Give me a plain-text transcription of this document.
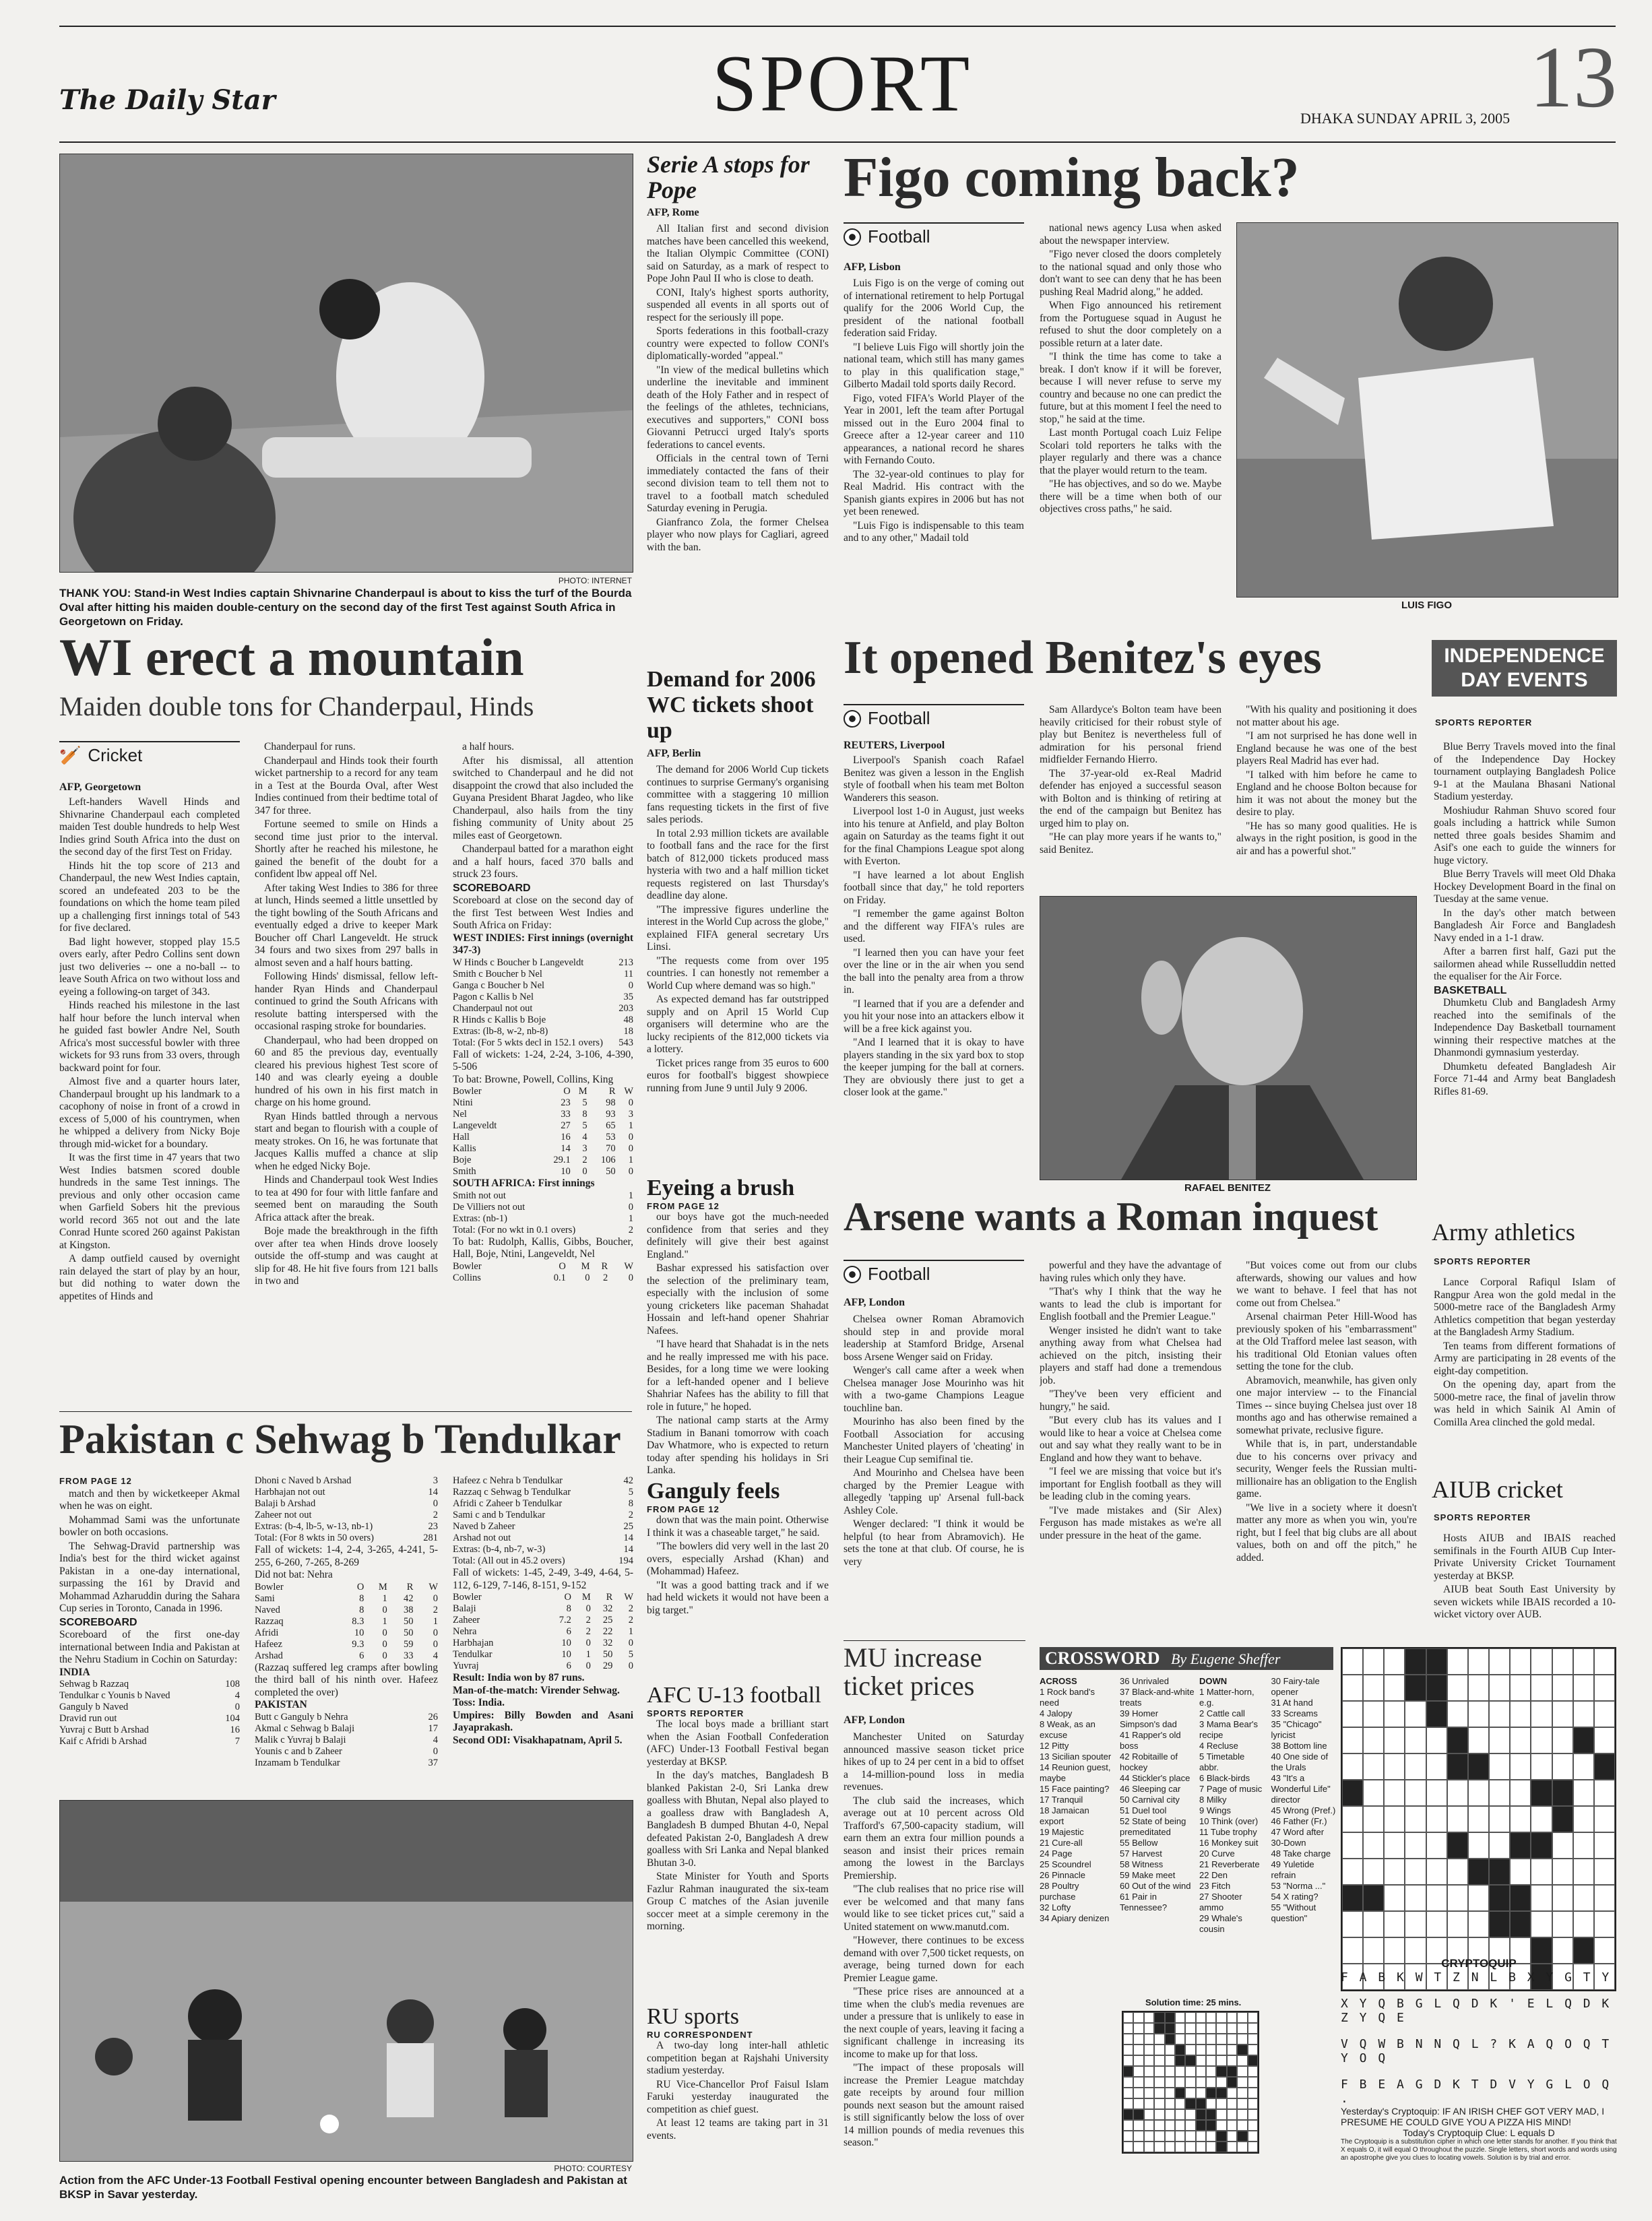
The Daily Star	SPORT	DHAKA SUNDAY APRIL 3, 2005 13
PHOTO: INTERNET
THANK YOU: Stand-in West Indies captain Shivnarine Chanderpaul is about to kiss the turf of the Bourda Oval after hitting his maiden double-century on the second day of the first Test against South Africa in Georgetown on Friday.
WI erect a mountain
Maiden double tons for Chanderpaul, Hinds
🏏 Cricket
AFP, Georgetown

Left-handers Wavell Hinds and Shivnarine Chanderpaul each completed maiden Test double hundreds to help West Indies grind South Africa into the dust on the second day of the first Test on Friday.

Hinds hit the top score of 213 and Chanderpaul, the new West Indies captain, scored an undefeated 203 to be the foundations on which the home team piled up a challenging first innings total of 543 for five declared.

Bad light however, stopped play 15.5 overs early, after Pedro Collins sent down just two deliveries -- one a no-ball -- to leave South Africa on two without loss and eyeing a following-on target of 343.

Hinds reached his milestone in the last half hour before the lunch interval when he guided fast bowler Andre Nel, South Africa's most successful bowler with three wickets for 93 runs from 33 overs, through backward point for four.

Almost five and a quarter hours later, Chanderpaul brought up his landmark to a cacophony of noise in front of a crowd in excess of 5,000 of his countrymen, when he whipped a delivery from Nicky Boje through mid-wicket for a boundary.

It was the first time in 47 years that two West Indies batsmen scored double hundreds in the same Test innings. The previous and only other occasion came when Garfield Sobers hit the previous world record 365 not out and the late Conrad Hunte scored 260 against Pakistan at Kingston.

A damp outfield caused by overnight rain delayed the start of play by an hour, but did nothing to water down the appetites of Hinds and

Chanderpaul for runs.

Chanderpaul and Hinds took their fourth wicket partnership to a record for any team in a Test at the Bourda Oval, after West Indies continued from their bedtime total of 347 for three.

Fortune seemed to smile on Hinds a second time just prior to the interval. Shortly after he reached his milestone, he gained the benefit of the doubt for a confident lbw appeal off Nel.

After taking West Indies to 386 for three at lunch, Hinds seemed a little unsettled by the tight bowling of the South Africans and eventually edged a drive to keeper Mark Boucher off Charl Langeveldt. He struck 34 fours and two sixes from 297 balls in almost seven and a half hours batting.

Following Hinds' dismissal, fellow left-hander Ryan Hinds and Chanderpaul continued to grind the South Africans with resolute batting interspersed with the occasional rasping stroke for boundaries.

Chanderpaul, who had been dropped on 60 and 85 the previous day, eventually cleared his previous highest Test score of 140 and was clearly eyeing a double hundred of his own in his first match in charge on his home ground.

Ryan Hinds battled through a nervous start and began to flourish with a couple of meaty strokes. On 16, he was fortunate that Jacques Kallis muffed a chance at slip when he edged Nicky Boje.

Hinds and Chanderpaul took West Indies to tea at 490 for four with little fanfare and seemed bent on marauding the South Africa attack after the break.

Boje made the breakthrough in the fifth over after tea when Hinds drove loosely outside the off-stump and was caught at slip for 48. He hit five fours from 121 balls in two and

a half hours.

After his dismissal, all attention switched to Chanderpaul and he did not disappoint the crowd that also included the Guyana President Bharat Jagdeo, who like Chanderpaul, also hails from the tiny fishing community of Unity about 25 miles east of Georgetown.

Chanderpaul batted for a marathon eight and a half hours, faced 370 balls and struck 23 fours.

SCOREBOARD
Scoreboard at close on the second day of the first Test between West Indies and South Africa on Friday:
WEST INDIES: First innings (overnight 347-3)
W Hinds c Boucher b Langeveldt	213
Smith c Boucher b Nel	11
Ganga c Boucher b Nel	0
Pagon c Kallis b Nel	35
Chanderpaul not out	203
R Hinds c Kallis b Boje	48
Extras: (lb-8, w-2, nb-8)	18
Total: (For 5 wkts decl in 152.1 overs)	543
Fall of wickets: 1-24, 2-24, 3-106, 4-390, 5-506
To bat: Browne, Powell, Collins, King
Bowler	O	M	R	W
Ntini	23	5	98	0
Nel	33	8	93	3
Langeveldt	27	5	65	1
Hall	16	4	53	0
Kallis	14	3	70	0
Boje	29.1	2	106	1
Smith	10	0	50	0
SOUTH AFRICA: First innings
Smith not out	1
De Villiers not out	0
Extras: (nb-1)	1
Total: (For no wkt in 0.1 overs)	2
To bat: Rudolph, Kallis, Gibbs, Boucher, Hall, Boje, Ntini, Langeveldt, Nel
Bowler	O	M	R	W
Collins	0.1	0	2	0
Pakistan c Sehwag b Tendulkar
FROM PAGE 12

match and then by wicketkeeper Akmal when he was on eight.

Mohammad Sami was the unfortunate bowler on both occasions.

The Sehwag-Dravid partnership was India's best for the third wicket against Pakistan in a one-day international, surpassing the 161 by Dravid and Mohammad Azharuddin during the Sahara Cup series in Toronto, Canada in 1996.

SCOREBOARD
Scoreboard of the first one-day international between India and Pakistan at the Nehru Stadium in Cochin on Saturday:
INDIA
Sehwag b Razzaq	108
Tendulkar c Younis b Naved	4
Ganguly b Naved	0
Dravid run out	104
Yuvraj c Butt b Arshad	16
Kaif c Afridi b Arshad	7
Dhoni c Naved b Arshad	3
Harbhajan not out	14
Balaji b Arshad	0
Zaheer not out	2
Extras: (b-4, lb-5, w-13, nb-1)	23
Total: (For 8 wkts in 50 overs)	281
Fall of wickets: 1-4, 2-4, 3-265, 4-241, 5-255, 6-260, 7-265, 8-269
Did not bat: Nehra
Bowler	O	M	R	W
Sami	8	1	42	0
Naved	8	0	38	2
Razzaq	8.3	1	50	1
Afridi	10	0	50	0
Hafeez	9.3	0	59	0
Arshad	6	0	33	4
(Razzaq suffered leg cramps after bowling the third ball of his ninth over. Hafeez completed the over)
PAKISTAN
Butt c Ganguly b Nehra	26
Akmal c Sehwag b Balaji	17
Malik c Yuvraj b Balaji	4
Younis c and b Zaheer	0
Inzamam b Tendulkar	37
Hafeez c Nehra b Tendulkar	42
Razzaq c Sehwag b Tendulkar	5
Afridi c Zaheer b Tendulkar	8
Sami c and b Tendulkar	2
Naved b Zaheer	25
Arshad not out	14
Extras: (b-4, nb-7, w-3)	14
Total: (All out in 45.2 overs)	194
Fall of wickets: 1-45, 2-49, 3-49, 4-64, 5-112, 6-129, 7-146, 8-151, 9-152
Bowler	O	M	R	W
Balaji	8	0	32	2
Zaheer	7.2	2	25	2
Nehra	6	2	22	1
Harbhajan	10	0	32	0
Tendulkar	10	1	50	5
Yuvraj	6	0	29	0
Result: India won by 87 runs.
Man-of-the-match: Virender Sehwag.
Toss: India.
Umpires: Billy Bowden and Asani Jayaprakash.
Second ODI: Visakhapatnam, April 5.
PHOTO: COURTESY
Action from the AFC Under-13 Football Festival opening encounter between Bangladesh and Pakistan at BKSP in Savar yesterday.
Serie A stops for Pope
AFP, Rome

All Italian first and second division matches have been cancelled this weekend, the Italian Olympic Committee (CONI) said on Saturday, as a mark of respect to Pope John Paul II who is close to death.

CONI, Italy's highest sports authority, suspended all events in all sports out of respect for the seriously ill pope.

Sports federations in this football-crazy country were expected to follow CONI's diplomatically-worded "appeal."

"In view of the medical bulletins which underline the inevitable and imminent death of the Holy Father and in respect of the feelings of the athletes, technicians, executives and supporters," CONI boss Giovanni Petrucci urged Italy's sports federations to cancel events.

Officials in the central town of Terni immediately contacted the fans of their second division team to tell them not to travel to a football match scheduled Saturday evening in Perugia.

Gianfranco Zola, the former Chelsea player who now plays for Cagliari, agreed with the ban.

Demand for 2006 WC tickets shoot up
AFP, Berlin

The demand for 2006 World Cup tickets continues to surprise Germany's organising committee with a staggering 10 million fans requesting tickets in the first of five sales periods.

In total 2.93 million tickets are available to football fans and the race for the first batch of 812,000 tickets produced mass hysteria with two and a half million ticket requests registered on last Thursday's deadline day alone.

"The impressive figures underline the interest in the World Cup across the globe," explained FIFA general secretary Urs Linsi.

"The requests come from over 195 countries. I can honestly not remember a World Cup where demand was so high."

As expected demand has far outstripped supply and on April 15 World Cup organisers will determine who are the lucky recipients of the 812,000 tickets via a lottery.

Ticket prices range from 35 euros to 600 euros for football's biggest showpiece running from June 9 until July 9 2006.

Eyeing a brush
FROM PAGE 12

our boys have got the much-needed confidence from that series and they definitely will give their best against England."

Bashar expressed his satisfaction over the selection of the preliminary team, especially with the inclusion of some young cricketers like paceman Shahadat Hossain and left-hand opener Shahriar Nafees.

"I have heard that Shahadat is in the nets and he really impressed me with his pace. Besides, for a long time we were looking for a left-handed opener and I believe Shahriar Nafees has the ability to fill that role in future," he hoped.

The national camp starts at the Army Stadium in Banani tomorrow with coach Dav Whatmore, who is expected to return today after spending his holidays in Sri Lanka.

Ganguly feels
FROM PAGE 12

down that was the main point. Otherwise I think it was a chaseable target," he said.

"The bowlers did very well in the last 20 overs, especially Arshad (Khan) and (Mohammad) Hafeez.

"It was a good batting track and if we had held wickets it would not have been a big target."

AFC U-13 football
SPORTS REPORTER

The local boys made a brilliant start when the Asian Football Confederation (AFC) Under-13 Football Festival began yesterday at BKSP.

In the day's matches, Bangladesh B blanked Pakistan 2-0, Sri Lanka drew goalless with Bhutan, Nepal also played to a goalless draw with Bangladesh A, Bangladesh B dumped Bhutan 4-0, Nepal defeated Pakistan 2-0, Bangladesh A drew goalless with Sri Lanka and Nepal blanked Bhutan 3-0.

State Minister for Youth and Sports Fazlur Rahman inaugurated the six-team Group C matches of the Asian juvenile soccer meet at a simple ceremony in the morning.

RU sports
RU CORRESPONDENT

A two-day long inter-hall athletic competition began at Rajshahi University stadium yesterday.

RU Vice-Chancellor Prof Faisul Islam Faruki yesterday inaugurated the competition as chief guest.

At least 12 teams are taking part in 31 events.

Figo coming back?
Football
AFP, Lisbon

Luis Figo is on the verge of coming out of international retirement to help Portugal qualify for the 2006 World Cup, the president of the national football federation said Friday.

"I believe Luis Figo will shortly join the national team, which still has many games to play in this qualification stage," Gilberto Madail told sports daily Record.

Figo, voted FIFA's World Player of the Year in 2001, left the team after Portugal missed out in the Euro 2004 final to Greece after a 12-year career and 110 appearances, a national record he shares with Fernando Couto.

The 32-year-old continues to play for Real Madrid. His contract with the Spanish giants expires in 2006 but has not yet been renewed.

"Luis Figo is indispensable to this team and to any other," Madail told

national news agency Lusa when asked about the newspaper interview.

"Figo never closed the doors completely to the national squad and only those who don't want to see can deny that he has been pushing Real Madrid along," he added.

When Figo announced his retirement from the Portuguese squad in August he refused to shut the door completely on a possible return at a later date.

"I think the time has come to take a break. I don't know if it will be forever, because I will never refuse to serve my country and because no one can predict the future, but at this moment I feel the need to stop," he said at the time.

Last month Portugal coach Luiz Felipe Scolari told reporters he talks with the player regularly and there was a chance that the player would return to the team.

"He has objectives, and so do we. Maybe there will be a time when both of our objectives cross paths," he said.

LUIS FIGO
It opened Benitez's eyes
Football
REUTERS, Liverpool

Liverpool's Spanish coach Rafael Benitez was given a lesson in the English style of football when his team met Bolton Wanderers this season.

Liverpool lost 1-0 in August, just weeks into his tenure at Anfield, and play Bolton again on Saturday as the teams fight it out for the final Champions League spot along with Everton.

"I have learned a lot about English football since that day," he told reporters on Friday.

"I remember the game against Bolton and the different way FIFA's rules are used.

"I learned then you can have your feet over the line or in the air when you send the ball into the penalty area from a throw in.

"I learned that if you are a defender and you hit your nose into an attackers elbow it will be a free kick against you.

"And I learned that it is okay to have players standing in the six yard box to stop the keeper jumping for the ball at corners. They are obviously there just to get a closer look at the game."

Sam Allardyce's Bolton team have been heavily criticised for their robust style of play but Benitez is nevertheless full of admiration for his personal friend midfielder Fernando Hierro.

The 37-year-old ex-Real Madrid defender has enjoyed a successful season with Bolton and is thinking of retiring at the end of the campaign but Benitez has urged him to play on.

"He can play more years if he wants to," said Benitez.

"With his quality and positioning it does not matter about his age.

"I am not surprised he has done well in England because he was one of the best players Real Madrid has ever had.

"I talked with him before he came to England and he choose Bolton because for him it was not about the money but the desire to play.

"He has so many good qualities. He is always in the right position, is good in the air and has a powerful shot."

RAFAEL BENITEZ
Arsene wants a Roman inquest
Football
AFP, London

Chelsea owner Roman Abramovich should step in and provide moral leadership at Stamford Bridge, Arsenal boss Arsene Wenger said on Friday.

Wenger's call came after a week when Chelsea manager Jose Mourinho was hit with a two-game Champions League touchline ban.

Mourinho has also been fined by the Football Association for accusing Manchester United players of 'cheating' in their League Cup semifinal tie.

And Mourinho and Chelsea have been charged by the Premier League with allegedly 'tapping up' Arsenal full-back Ashley Cole.

Wenger declared: "I think it would be helpful (to hear from Abramovich). He sets the tone at that club. Of course, he is very

powerful and they have the advantage of having rules which only they have.

"That's why I think that the way he wants to lead the club is important for English football and the Premier League."

Wenger insisted he didn't want to take anything away from what Chelsea had achieved on the pitch, insisting their players and staff had done a tremendous job.

"They've been very efficient and hungry," he said.

"But every club has its values and I would like to hear a voice at Chelsea come out and say what they really want to be in England and how they want to behave.

"I feel we are missing that voice but it's important for English football as they will be leading club in the coming years.

"I've made mistakes and (Sir Alex) Ferguson has made mistakes as we're all under pressure in the heat of the game.

"But voices come out from our clubs afterwards, showing our values and how we want to behave. I feel that has not come out from Chelsea."

Arsenal chairman Peter Hill-Wood has previously spoken of his "embarrassment" at the Old Trafford melee last season, with his traditional Old Etonian values often setting the tone for the club.

Abramovich, meanwhile, has given only one major interview -- to the Financial Times -- since buying Chelsea just over 18 months ago and has otherwise remained a somewhat private, reclusive figure.

While that is, in part, understandable due to his concerns over privacy and security, Wenger feels the Russian multi-millionaire has an obligation to the English game.

"We live in a society where it doesn't matter any more as when you win, you're right, but I feel that big clubs are all about values, both on and off the pitch," he added.

INDEPENDENCE DAY EVENTS
SPORTS REPORTER

Blue Berry Travels moved into the final of the Independence Day Hockey tournament outplaying Bangladesh Police 9-1 at the Maulana Bhasani National Stadium yesterday.

Moshiudur Rahman Shuvo scored four goals including a hattrick while Sumon netted three goals besides Shamim and Asif's one each to guide the winners for huge victory.

Blue Berry Travels will meet Old Dhaka Hockey Development Board in the final on Tuesday at the same venue.

In the day's other match between Bangladesh Air Force and Bangladesh Navy ended in a 1-1 draw.

After a barren first half, Gazi put the sailormen ahead while Russelluddin netted the equaliser for the Air Force.

BASKETBALL

Dhumketu Club and Bangladesh Army reached into the semifinals of the Independence Day Basketball tournament winning their respective matches at the Dhanmondi gymnasium yesterday.

Dhumketu defeated Bangladesh Air Force 71-44 and Army beat Bangladesh Rifles 81-69.

Army athletics
SPORTS REPORTER

Lance Corporal Rafiqul Islam of Rangpur Area won the gold medal in the 5000-metre race of the Bangladesh Army Athletics competition that began yesterday at the Bangladesh Army Stadium.

Ten teams from different formations of Army are participating in 28 events of the eight-day competition.

On the opening day, apart from the 5000-metre race, the final of javelin throw was held in which Sainik Al Amin of Comilla Area clinched the gold medal.

AIUB cricket
SPORTS REPORTER

Hosts AIUB and IBAIS reached semifinals in the Fourth AIUB Cup Inter-Private University Cricket Tournament yesterday at BKSP.

AIUB beat South East University by seven wickets while IBAIS recorded a 10-wicket victory over AUB.

MU increase ticket prices
AFP, London

Manchester United on Saturday announced massive season ticket price hikes of up to 24 per cent in a bid to offset a 14-million-pound loss in media revenues.

The club said the increases, which average out at 10 percent across Old Trafford's 67,500-capacity stadium, will earn them an extra four million pounds a season and insist their prices remain among the lowest in the Barclays Premiership.

"The club realises that no price rise will ever be welcomed and that many fans would like to see ticket prices cut," said a United statement on www.manutd.com.

"However, there continues to be excess demand with over 7,500 ticket requests, on average, being turned down for each Premier League game.

"These price rises are announced at a time when the club's media revenues are under a pressure that is unlikely to ease in the next couple of years, leaving it facing a significant challenge in increasing its income to make up for that loss.

"The impact of these proposals will increase the Premier League matchday gate receipts by around four million pounds next season but the amount raised is still significantly below the loss of over 14 million pounds of media revenues this season."

CROSSWORD By Eugene Sheffer
ACROSS
1 Rock band's need
4 Jalopy
8 Weak, as an excuse
12 Pitty
13 Sicilian spouter
14 Reunion guest, maybe
15 Face painting?
17 Tranquil
18 Jamaican export
19 Majestic
21 Cure-all
24 Page
25 Scoundrel
26 Pinnacle
28 Poultry purchase
32 Lofty
34 Apiary denizen
36 Unrivaled
37 Black-and-white treats
39 Homer Simpson's dad
41 Rapper's old boss
42 Robitaille of hockey
44 Stickler's place
46 Sleeping car
50 Carnival city
51 Duel tool
52 State of being premeditated
55 Bellow
57 Harvest
58 Witness
59 Make meet
60 Out of the wind
61 Pair in Tennessee?
DOWN
1 Matter-horn, e.g.
2 Cattle call
3 Mama Bear's recipe
4 Recluse
5 Timetable abbr.
6 Black-birds
7 Page of music
8 Milky
9 Wings
10 Think (over)
11 Tube trophy
16 Monkey suit
20 Curve
21 Reverberate
22 Den
23 Fitch
27 Shooter ammo
29 Whale's cousin
30 Fairy-tale opener
31 At hand
33 Screams
35 "Chicago" lyricist
38 Bottom line
40 One side of the Urals
43 "It's a Wonderful Life" director
45 Wrong (Pref.)
46 Father (Fr.)
47 Word after 30-Down
48 Take charge
49 Yuletide refrain
53 "Norma ..."
54 X rating?
55 "Without question"
Solution time: 25 mins.
CRYPTOQUIP
F A B K W T Z N L B X Y G T Y
X Y Q B G L Q D K ' E L Q D K Z Y Q E
V Q W B N N Q L ? K A Q O Q T Y O Q
F B E A G D K T D V Y G L O Q .
Yesterday's Cryptoquip: IF AN IRISH CHEF GOT VERY MAD, I PRESUME HE COULD GIVE YOU A PIZZA HIS MIND!
Today's Cryptoquip Clue: L equals D
The Cryptoquip is a substitution cipher in which one letter stands for another. If you think that X equals O, it will equal O throughout the puzzle. Single letters, short words and words using an apostrophe give you clues to locating vowels. Solution is by trial and error.
